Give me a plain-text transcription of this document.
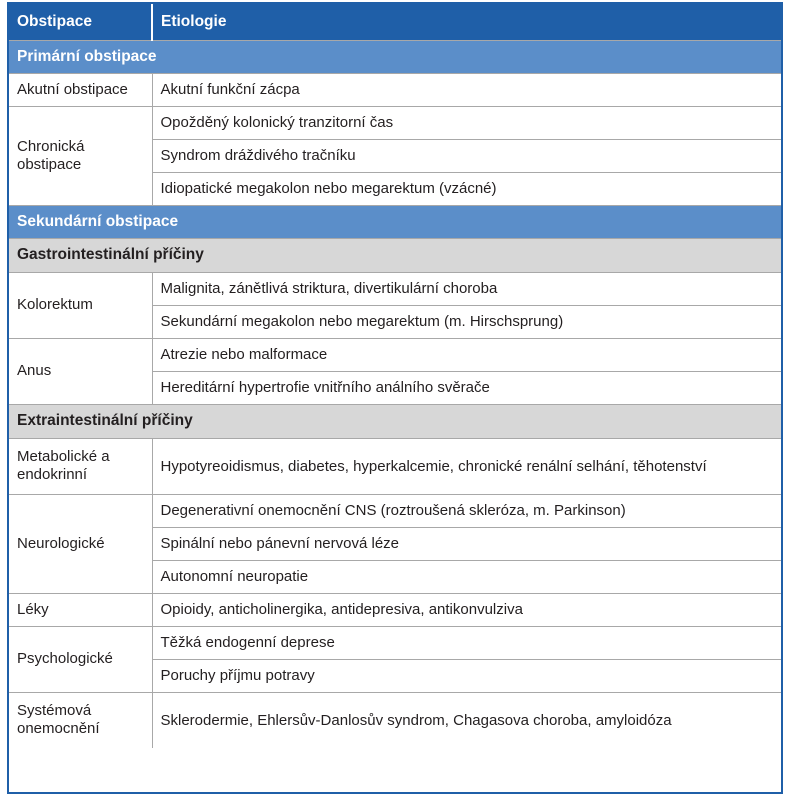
Obstipace	Etiologie
Primární obstipace	
Akutní obstipace	Akutní funkční zácpa
Chronická obstipace	Opožděný kolonický tranzitorní čas
	Syndrom dráždivého tračníku
	Idiopatické megakolon nebo megarektum (vzácné)
Sekundární obstipace	
Gastrointestinální příčiny	
Kolorektum	Malignita, zánětlivá striktura, divertikulární choroba
	Sekundární megakolon nebo megarektum (m. Hirschsprung)
Anus	Atrezie nebo malformace
	Hereditární hypertrofie vnitřního análního svěrače
Extraintestinální příčiny	
Metabolické a endokrinní	Hypotyreoidismus, diabetes, hyperkalcemie, chronické renální selhání, těhotenství
Neurologické	Degenerativní onemocnění CNS (roztroušená skleróza, m. Parkinson)
	Spinální nebo pánevní nervová léze
	Autonomní neuropatie
Léky	Opioidy, anticholinergika, antidepresiva, antikonvulziva
Psychologické	Těžká endogenní deprese
	Poruchy příjmu potravy
Systémová onemocnění	Sklerodermie, Ehlersův-Danlosův syndrom, Chagasova choroba, amyloidóza
